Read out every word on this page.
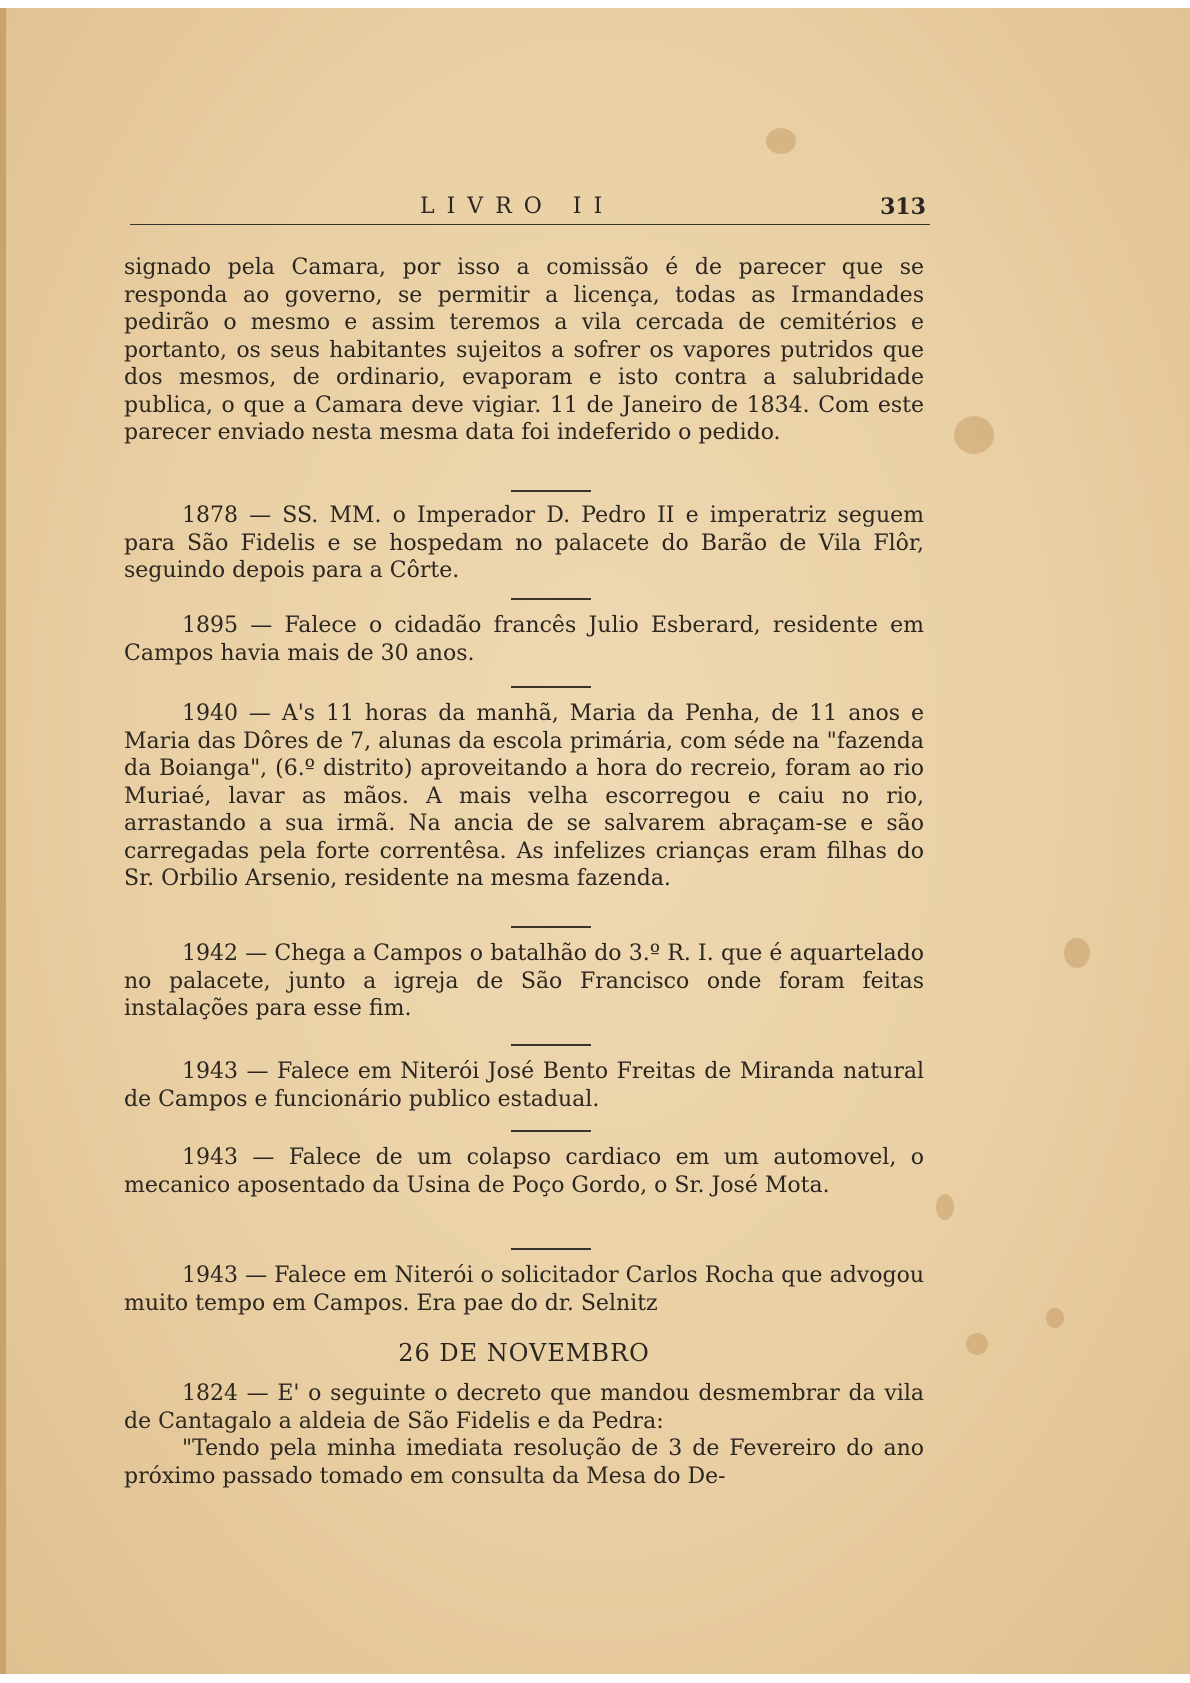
LIVRO II	313

signado pela Camara, por isso a comissão é de parecer que se responda ao governo, se permitir a licença, todas as Irmandades pedirão o mesmo e assim teremos a vila cercada de cemitérios e portanto, os seus habitantes sujeitos a sofrer os vapores putridos que dos mesmos, de ordinario, evaporam e isto contra a salubridade publica, o que a Camara deve vigiar. 11 de Janeiro de 1834. Com este parecer enviado nesta mesma data foi indeferido o pedido.

1878 — SS. MM. o Imperador D. Pedro II e imperatriz seguem para São Fidelis e se hospedam no palacete do Barão de Vila Flôr, seguindo depois para a Côrte.

1895 — Falece o cidadão francês Julio Esberard, residente em Campos havia mais de 30 anos.

1940 — A's 11 horas da manhã, Maria da Penha, de 11 anos e Maria das Dôres de 7, alunas da escola primária, com séde na "fazenda da Boianga", (6.º distrito) aproveitando a hora do recreio, foram ao rio Muriaé, lavar as mãos. A mais velha escorregou e caiu no rio, arrastando a sua irmã. Na ancia de se salvarem abraçam-se e são carregadas pela forte correntêsa. As infelizes crianças eram filhas do Sr. Orbilio Arsenio, residente na mesma fazenda.

1942 — Chega a Campos o batalhão do 3.º R. I. que é aquartelado no palacete, junto a igreja de São Francisco onde foram feitas instalações para esse fim.

1943 — Falece em Niterói José Bento Freitas de Miranda natural de Campos e funcionário publico estadual.

1943 — Falece de um colapso cardiaco em um automovel, o mecanico aposentado da Usina de Poço Gordo, o Sr. José Mota.

1943 — Falece em Niterói o solicitador Carlos Rocha que advogou muito tempo em Campos. Era pae do dr. Selnitz

26 DE NOVEMBRO

1824 — E' o seguinte o decreto que mandou desmembrar da vila de Cantagalo a aldeia de São Fidelis e da Pedra:

"Tendo pela minha imediata resolução de 3 de Fevereiro do ano próximo passado tomado em consulta da Mesa do De-
